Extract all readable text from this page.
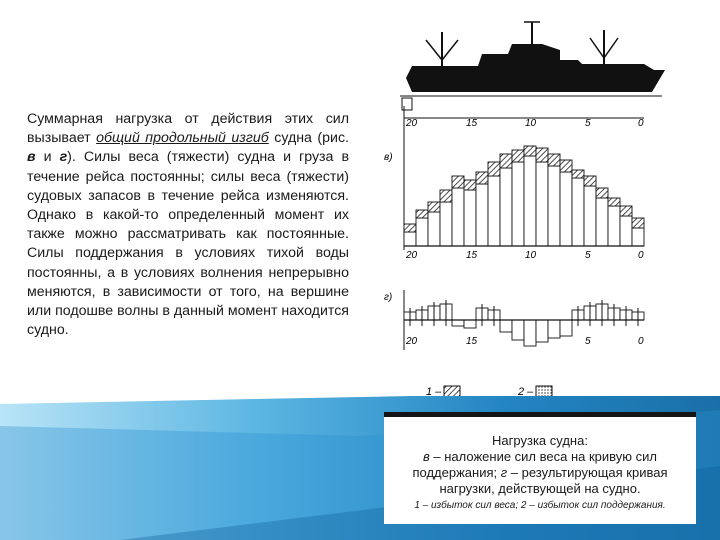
Суммарная нагрузка от действия этих сил вызывает общий продольный изгиб судна (рис. в и г). Силы веса (тяжести) судна и груза в течение рейса постоянны; силы веса (тяжести) судовых запасов в течение рейса изменяются. Однако в какой-то определенный момент их также можно рассматривать как постоянные. Силы поддержания в условиях тихой воды постоянны, а в условиях волнения непрерывно меняются, в зависимости от того, на вершине или подошве волны в данный момент находится судно.

20	15	10	5	0
в)
20	15	10	5	0
г)
20	15	5	0
1 –	2 –
Нагрузка судна:
в – наложение сил веса на кривую сил поддержания; г – результирующая кривая нагрузки, действующей на судно.
1 – избыток сил веса; 2 – избыток сил поддержания.
